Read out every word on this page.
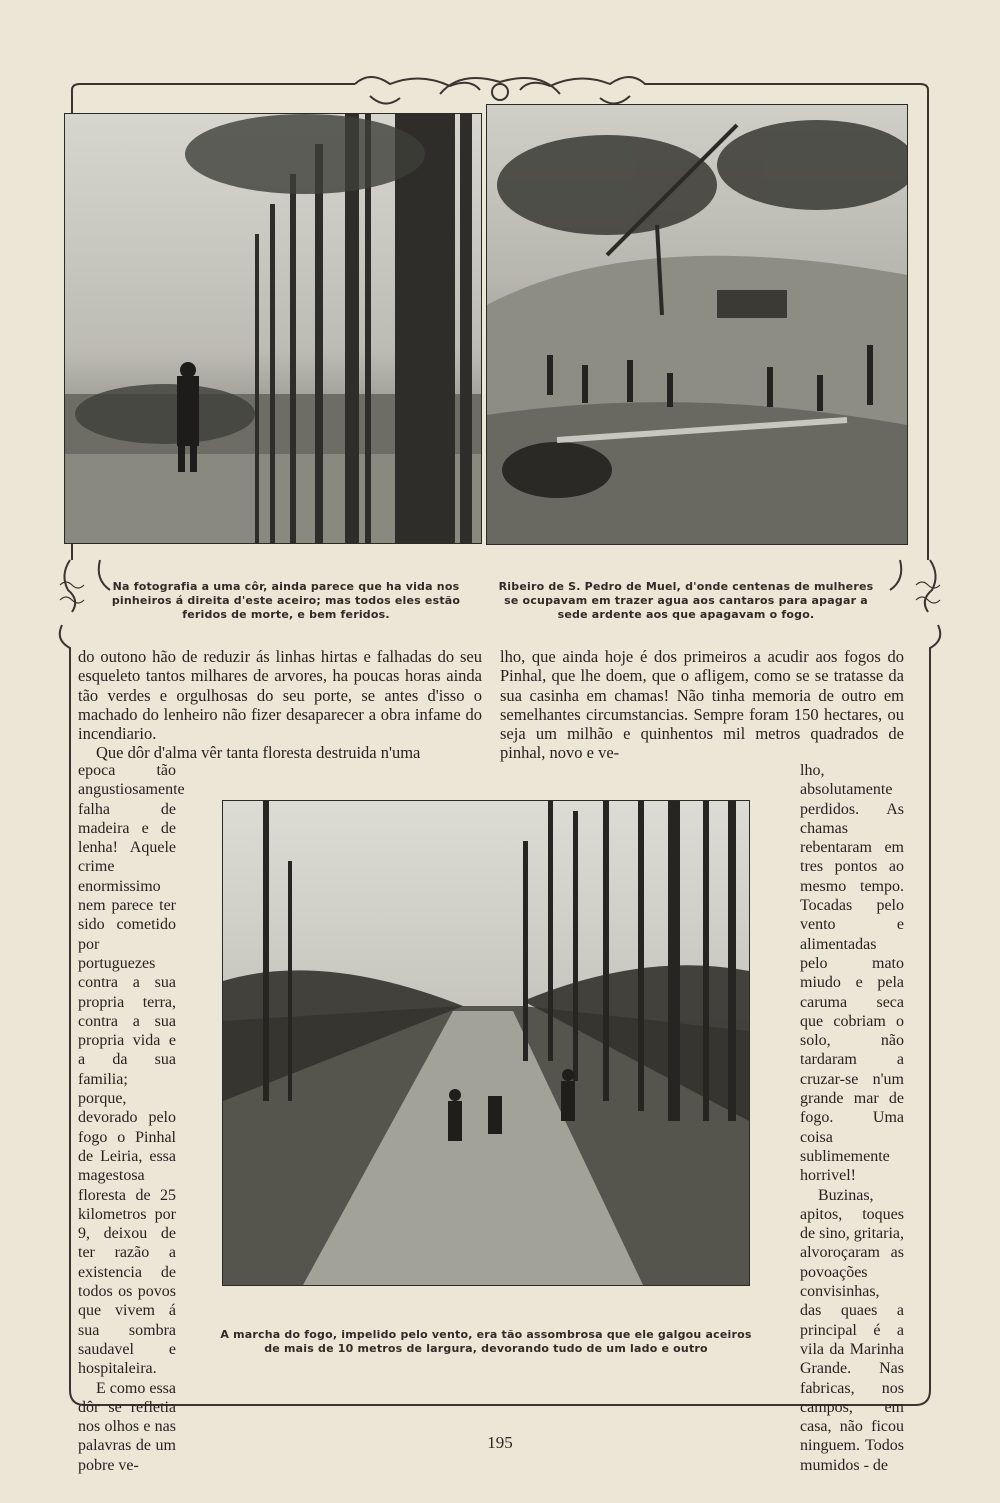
Na fotografia a uma côr, ainda parece que ha vida nos pinheiros á direita d'este aceiro; mas todos eles estão feridos de morte, e bem feridos.
Ribeiro de S. Pedro de Muel, d'onde centenas de mulheres se ocupavam em trazer agua aos cantaros para apagar a sede ardente aos que apagavam o fogo.

do outono hão de reduzir ás linhas hirtas e falhadas do seu esqueleto tantos milhares de arvores, ha poucas horas ainda tão verdes e orgulhosas do seu porte, se antes d'isso o machado do lenheiro não fizer desaparecer a obra infame do incendiario.

Que dôr d'alma vêr tanta floresta destruida n'uma

lho, que ainda hoje é dos primeiros a acudir aos fogos do Pinhal, que lhe doem, que o afligem, como se se tratasse da sua casinha em chamas! Não tinha memoria de outro em semelhantes circumstancias. Sempre foram 150 hectares, ou seja um milhão e quinhentos mil metros quadrados de pinhal, novo e ve-

epoca tão angustiosamente falha de madeira e de lenha! Aquele crime enormissimo nem parece ter sido cometido por portuguezes contra a sua propria terra, contra a sua propria vida e a da sua familia; porque, devorado pelo fogo o Pinhal de Leiria, essa magestosa floresta de 25 kilometros por 9, deixou de ter razão a existencia de todos os povos que vivem á sua sombra saudavel e hospitaleira.

E como essa dôr se refletia nos olhos e nas palavras de um pobre ve-

lho, absolutamente perdidos. As chamas rebentaram em tres pontos ao mesmo tempo. Tocadas pelo vento e alimentadas pelo mato miudo e pela caruma seca que cobriam o solo, não tardaram a cruzar-se n'um grande mar de fogo. Uma coisa sublimemente horrivel!

Buzinas, apitos, toques de sino, gritaria, alvoroçaram as povoações convisinhas, das quaes a principal é a vila da Marinha Grande. Nas fabricas, nos campos, em casa, não ficou ninguem. Todos mumidos - de

A marcha do fogo, impelido pelo vento, era tão assombrosa que ele galgou aceiros de mais de 10 metros de largura, devorando tudo de um lado e outro
195
